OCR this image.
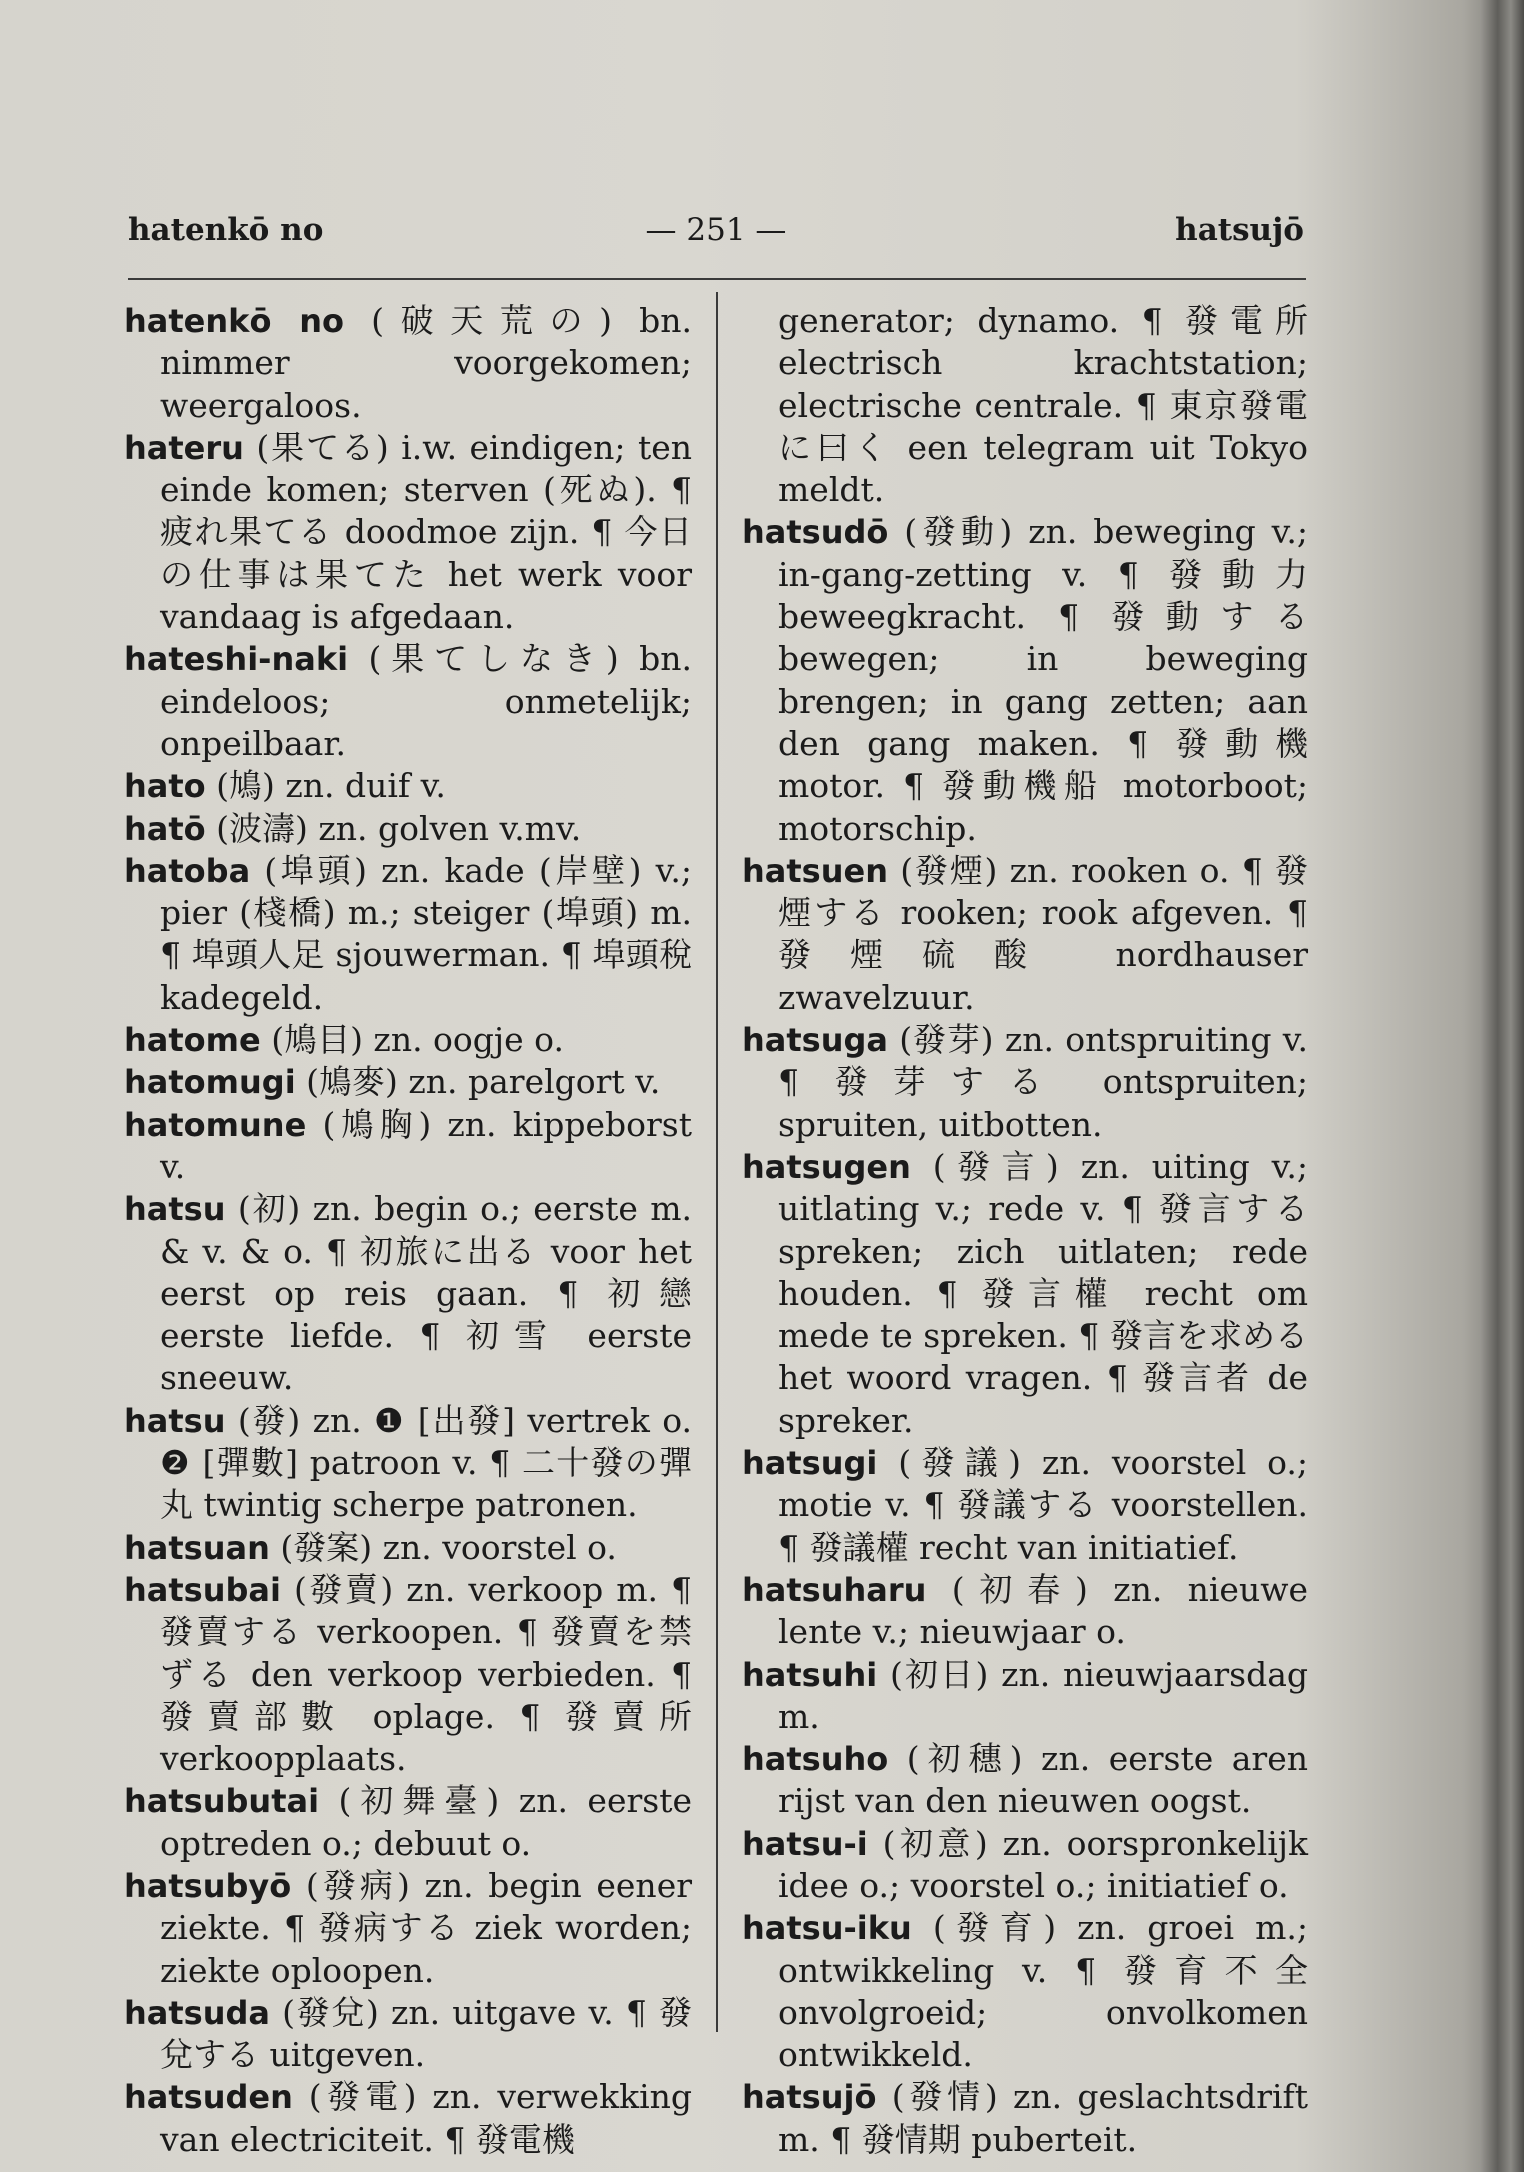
hatenkō no	— 251 —	hatsujō

hatenkō no (破天荒の) bn. nimmer voorgekomen; weergaloos.

hateru (果てる) i.w. eindigen; ten einde komen; sterven (死ぬ). ¶ 疲れ果てる doodmoe zijn. ¶ 今日の仕事は果てた het werk voor vandaag is afgedaan.

hateshi-naki (果てしなき) bn. eindeloos; onmetelijk; onpeilbaar.

hato (鳩) zn. duif v.

hatō (波濤) zn. golven v.mv.

hatoba (埠頭) zn. kade (岸壁) v.; pier (棧橋) m.; steiger (埠頭) m. ¶ 埠頭人足 sjouwerman. ¶ 埠頭稅 kadegeld.

hatome (鳩目) zn. oogje o.

hatomugi (鳩麥) zn. parelgort v.

hatomune (鳩胸) zn. kippeborst v.

hatsu (初) zn. begin o.; eerste m. & v. & o. ¶ 初旅に出る voor het eerst op reis gaan. ¶ 初戀 eerste liefde. ¶ 初雪 eerste sneeuw.

hatsu (發) zn. ❶ [出發] vertrek o. ❷ [彈數] patroon v. ¶ 二十發の彈丸 twintig scherpe patronen.

hatsuan (發案) zn. voorstel o.

hatsubai (發賣) zn. verkoop m. ¶ 發賣する verkoopen. ¶ 發賣を禁ずる den verkoop verbieden. ¶ 發賣部數 oplage. ¶ 發賣所 verkoopplaats.

hatsubutai (初舞臺) zn. eerste optreden o.; debuut o.

hatsubyō (發病) zn. begin eener ziekte. ¶ 發病する ziek worden; ziekte oploopen.

hatsuda (發兌) zn. uitgave v. ¶ 發兌する uitgeven.

hatsuden (發電) zn. verwekking van electriciteit. ¶ 發電機

generator; dynamo. ¶ 發電所 electrisch krachtstation; electrische centrale. ¶ 東京發電に曰く een telegram uit Tokyo meldt.

hatsudō (發動) zn. beweging v.; in-gang-zetting v. ¶ 發動力 beweegkracht. ¶ 發動する bewegen; in beweging brengen; in gang zetten; aan den gang maken. ¶ 發動機 motor. ¶ 發動機船 motorboot; motorschip.

hatsuen (發煙) zn. rooken o. ¶ 發煙する rooken; rook afgeven. ¶ 發煙硫酸 nordhauser zwavelzuur.

hatsuga (發芽) zn. ontspruiting v. ¶ 發芽する ontspruiten; spruiten, uitbotten.

hatsugen (發言) zn. uiting v.; uitlating v.; rede v. ¶ 發言する spreken; zich uitlaten; rede houden. ¶ 發言權 recht om mede te spreken. ¶ 發言を求める het woord vragen. ¶ 發言者 de spreker.

hatsugi (發議) zn. voorstel o.; motie v. ¶ 發議する voorstellen. ¶ 發議權 recht van initiatief.

hatsuharu (初春) zn. nieuwe lente v.; nieuwjaar o.

hatsuhi (初日) zn. nieuwjaarsdag m.

hatsuho (初穗) zn. eerste aren rijst van den nieuwen oogst.

hatsu-i (初意) zn. oorspronkelijk idee o.; voorstel o.; initiatief o.

hatsu-iku (發育) zn. groei m.; ontwikkeling v. ¶ 發育不全 onvolgroeid; onvolkomen ontwikkeld.

hatsujō (發情) zn. geslachtsdrift m. ¶ 發情期 puberteit.
